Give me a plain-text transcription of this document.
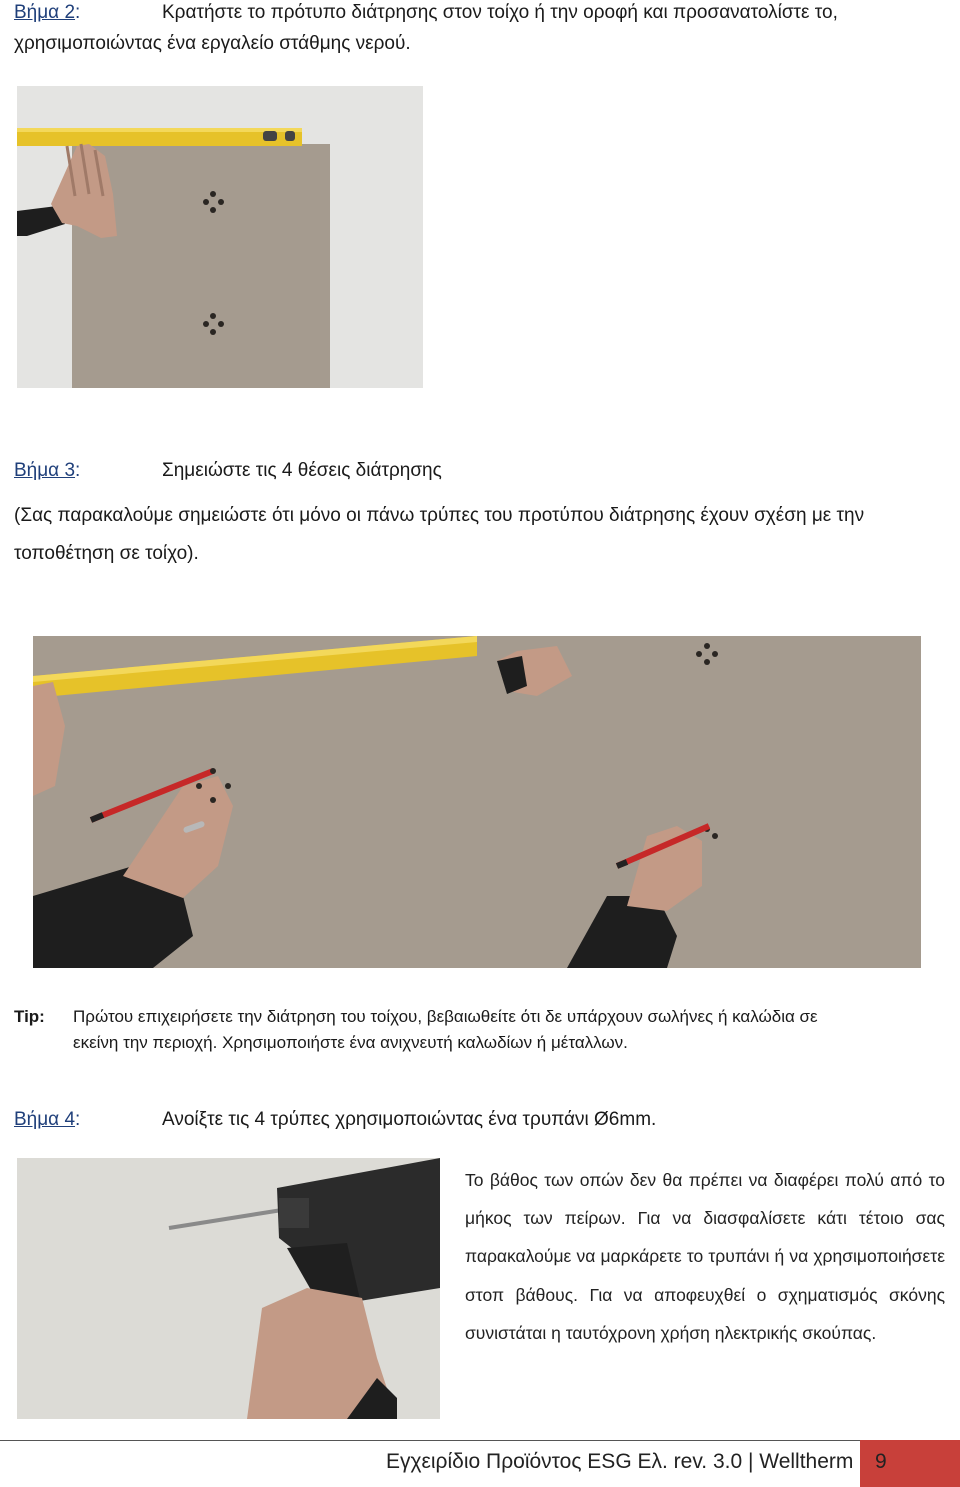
Βήμα 2:	Κρατήστε το πρότυπο διάτρησης στον τοίχο ή την οροφή και προσανατολίστε το,
χρησιμοποιώντας ένα εργαλείο στάθμης νερού.
Βήμα 3:	Σημειώστε τις 4 θέσεις διάτρησης
(Σας παρακαλούμε σημειώστε ότι μόνο οι πάνω τρύπες του προτύπου διάτρησης έχουν σχέση με την
τοποθέτηση σε τοίχο).
Tip: Πρώτου επιχειρήσετε την διάτρηση του τοίχου, βεβαιωθείτε ότι δε υπάρχουν σωλήνες ή καλώδια σε
εκείνη την περιοχή. Χρησιμοποιήστε ένα ανιχνευτή καλωδίων ή μέταλλων.
Βήμα 4:	Ανοίξτε τις 4 τρύπες χρησιμοποιώντας ένα τρυπάνι Ø6mm.
Το βάθος των οπών δεν θα πρέπει να διαφέρει πολύ από το μήκος των πείρων. Για να διασφαλίσετε κάτι τέτοιο σας παρακαλούμε να μαρκάρετε το τρυπάνι ή να χρησιμοποιήσετε στοπ βάθους. Για να αποφευχθεί ο σχηματισμός σκόνης συνιστάται η ταυτόχρονη χρήση ηλεκτρικής σκούπας.
Εγχειρίδιο Προϊόντος ESG Ελ. rev. 3.0 | Welltherm 9
